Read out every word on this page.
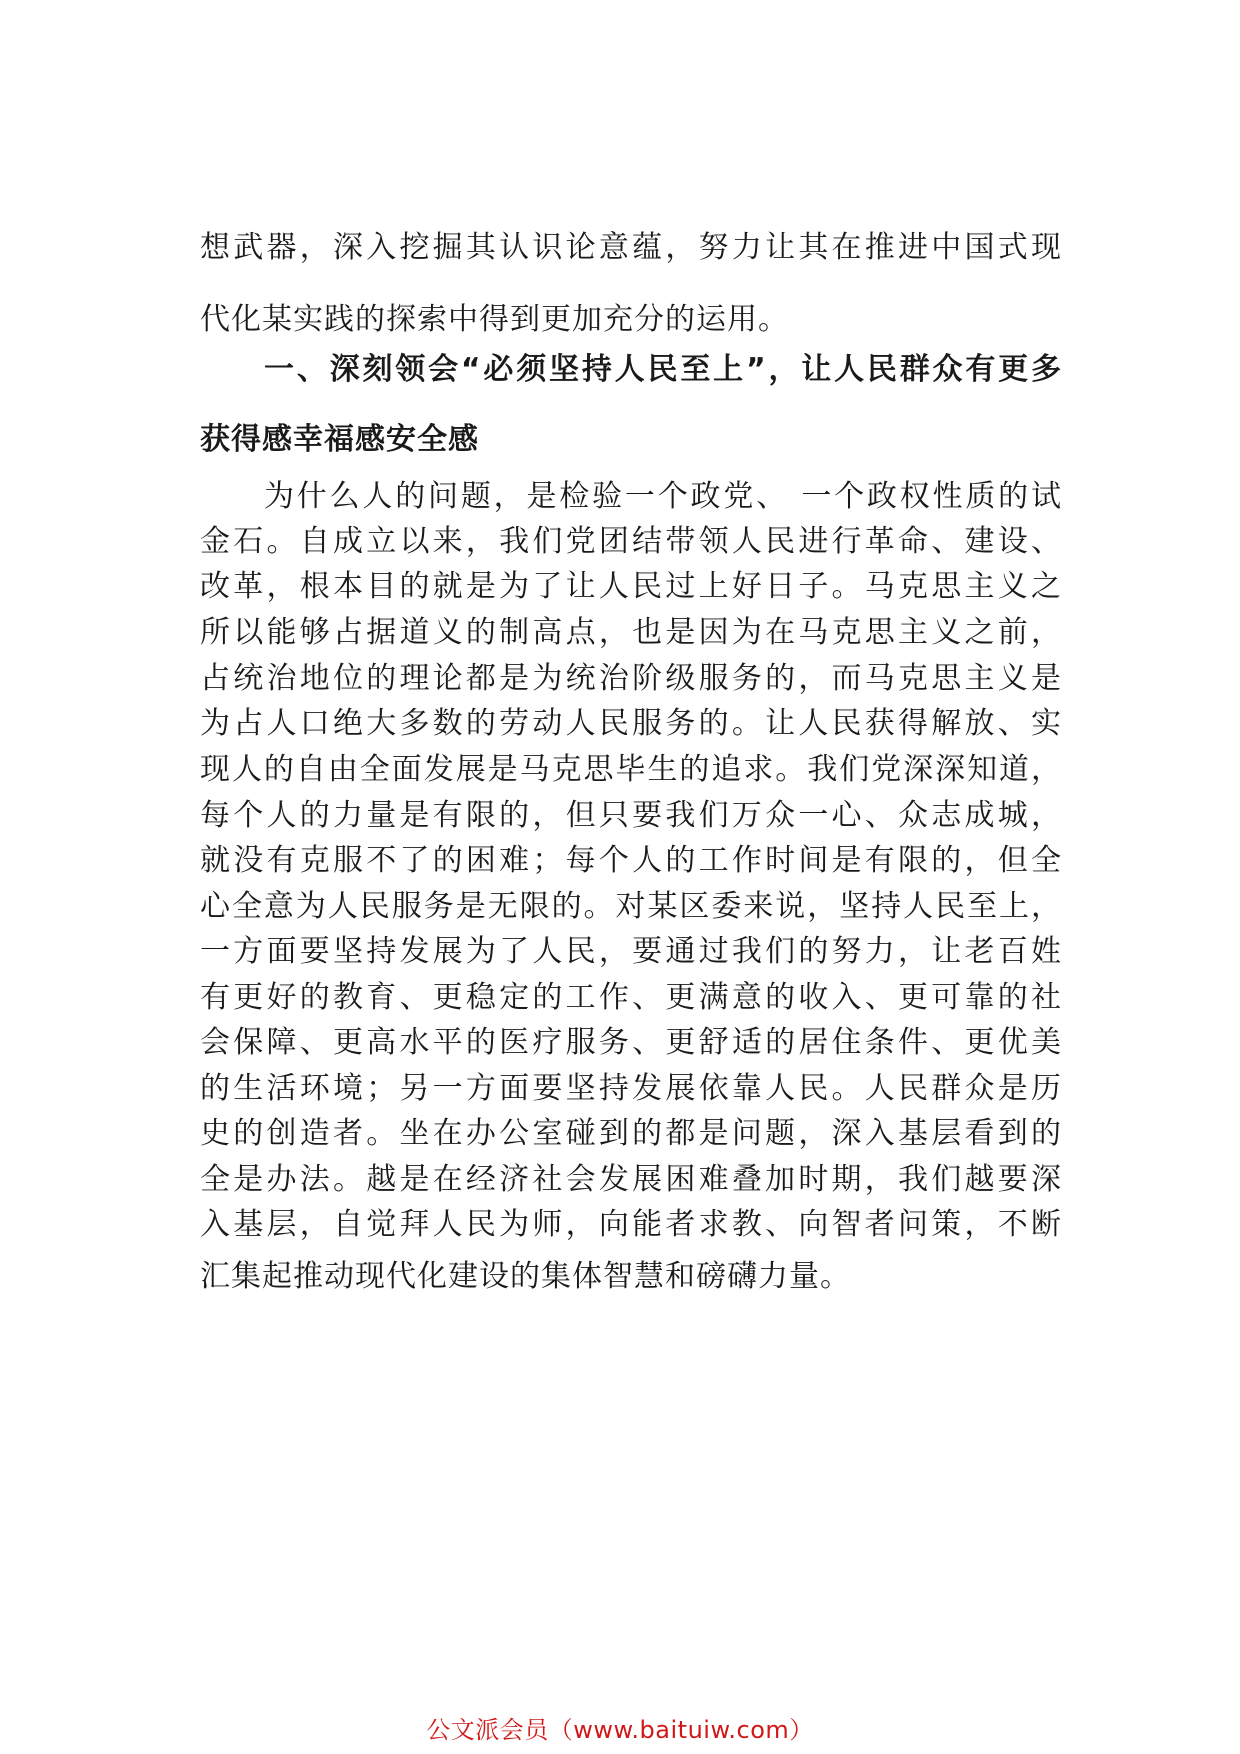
想武器，深入挖掘其认识论意蕴，努力让其在推进中国式现
代化某实践的探索中得到更加充分的运用。
一、深刻领会“必须坚持人民至上”，让人民群众有更多
获得感幸福感安全感
为什么人的问题，是检验一个政党、 一个政权性质的试
金石。自成立以来，我们党团结带领人民进行革命、建设、
改革，根本目的就是为了让人民过上好日子。马克思主义之
所以能够占据道义的制高点，也是因为在马克思主义之前，
占统治地位的理论都是为统治阶级服务的，而马克思主义是
为占人口绝大多数的劳动人民服务的。让人民获得解放、实
现人的自由全面发展是马克思毕生的追求。我们党深深知道，
每个人的力量是有限的，但只要我们万众一心、众志成城，
就没有克服不了的困难；每个人的工作时间是有限的，但全
心全意为人民服务是无限的。对某区委来说，坚持人民至上，
一方面要坚持发展为了人民，要通过我们的努力，让老百姓
有更好的教育、更稳定的工作、更满意的收入、更可靠的社
会保障、更高水平的医疗服务、更舒适的居住条件、更优美
的生活环境；另一方面要坚持发展依靠人民。人民群众是历
史的创造者。坐在办公室碰到的都是问题，深入基层看到的
全是办法。越是在经济社会发展困难叠加时期，我们越要深
入基层，自觉拜人民为师，向能者求教、向智者问策，不断
汇集起推动现代化建设的集体智慧和磅礴力量。
公文派会员（www.baituiw.com）
